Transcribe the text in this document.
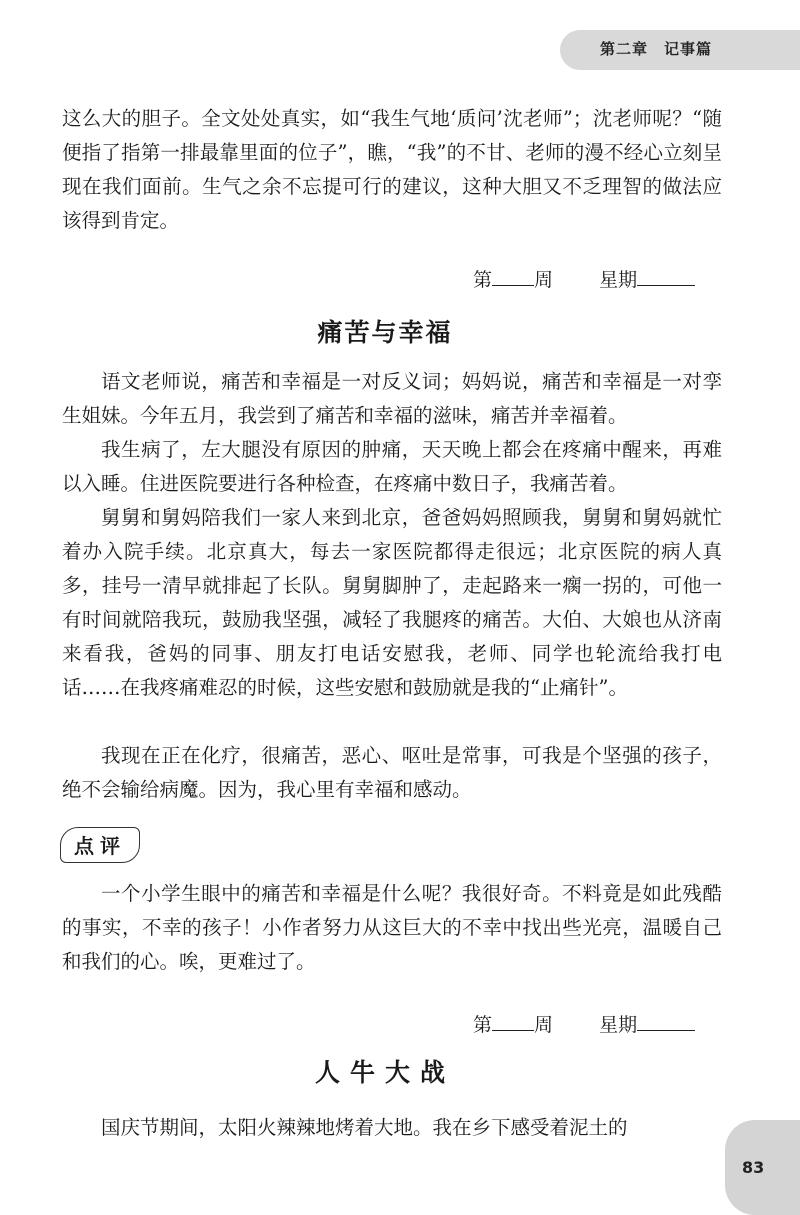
第二章　记事篇

这么大的胆子。全文处处真实，如“我生气地‘质问’沈老师”；沈老师呢？“随便指了指第一排最靠里面的位子”，瞧，“我”的不甘、老师的漫不经心立刻呈现在我们面前。生气之余不忘提可行的建议，这种大胆又不乏理智的做法应该得到肯定。

第 周 星期
痛苦与幸福

语文老师说，痛苦和幸福是一对反义词；妈妈说，痛苦和幸福是一对孪生姐妹。今年五月，我尝到了痛苦和幸福的滋味，痛苦并幸福着。

我生病了，左大腿没有原因的肿痛，天天晚上都会在疼痛中醒来，再难以入睡。住进医院要进行各种检查，在疼痛中数日子，我痛苦着。

舅舅和舅妈陪我们一家人来到北京，爸爸妈妈照顾我，舅舅和舅妈就忙着办入院手续。北京真大，每去一家医院都得走很远；北京医院的病人真多，挂号一清早就排起了长队。舅舅脚肿了，走起路来一瘸一拐的，可他一有时间就陪我玩，鼓励我坚强，减轻了我腿疼的痛苦。大伯、大娘也从济南来看我，爸妈的同事、朋友打电话安慰我，老师、同学也轮流给我打电话……在我疼痛难忍的时候，这些安慰和鼓励就是我的“止痛针”。

我现在正在化疗，很痛苦，恶心、呕吐是常事，可我是个坚强的孩子，绝不会输给病魔。因为，我心里有幸福和感动。

点评

一个小学生眼中的痛苦和幸福是什么呢？我很好奇。不料竟是如此残酷的事实，不幸的孩子！小作者努力从这巨大的不幸中找出些光亮，温暖自己和我们的心。唉，更难过了。

第 周 星期
人牛大战

国庆节期间，太阳火辣辣地烤着大地。我在乡下感受着泥土的

83
